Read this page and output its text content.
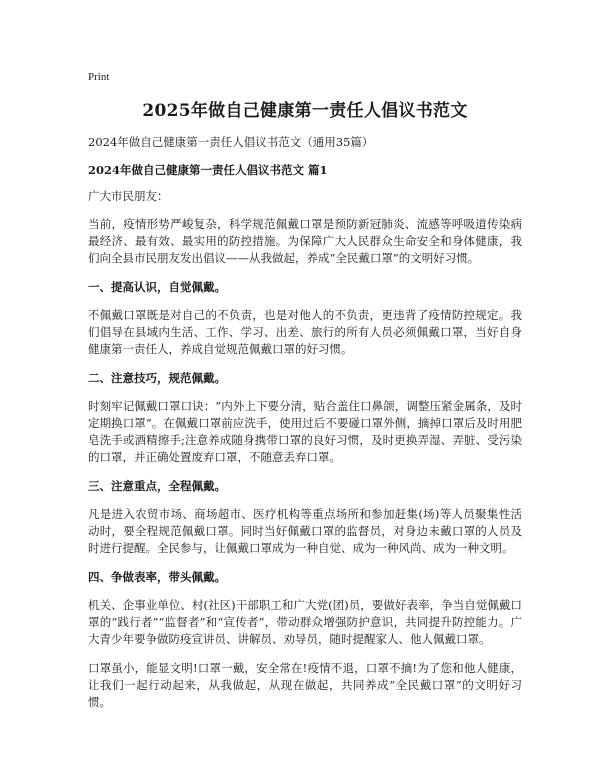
Print
2025年做自己健康第一责任人倡议书范文
2024年做自己健康第一责任人倡议书范文（通用35篇）
2024年做自己健康第一责任人倡议书范文 篇1
广大市民朋友：
当前，疫情形势严峻复杂，科学规范佩戴口罩是预防新冠肺炎、流感等呼吸道传染病最经济、最有效、最实用的防控措施。为保障广大人民群众生命安全和身体健康，我们向全县市民朋友发出倡议——从我做起，养成“全民戴口罩”的文明好习惯。
一、提高认识，自觉佩戴。
不佩戴口罩既是对自己的不负责，也是对他人的不负责，更违背了疫情防控规定。我们倡导在县域内生活、工作、学习、出差、旅行的所有人员必须佩戴口罩，当好自身健康第一责任人，养成自觉规范佩戴口罩的好习惯。
二、注意技巧，规范佩戴。
时刻牢记佩戴口罩口诀：“内外上下要分清，贴合盖住口鼻颌，调整压紧金属条，及时定期换口罩”。在佩戴口罩前应洗手，使用过后不要碰口罩外侧，摘掉口罩后及时用肥皂洗手或酒精擦手;注意养成随身携带口罩的良好习惯，及时更换弄湿、弄脏、受污染的口罩，并正确处置废弃口罩，不随意丢弃口罩。
三、注意重点，全程佩戴。
凡是进入农贸市场、商场超市、医疗机构等重点场所和参加赶集(场)等人员聚集性活动时，要全程规范佩戴口罩。同时当好佩戴口罩的监督员，对身边未戴口罩的人员及时进行提醒。全民参与，让佩戴口罩成为一种自觉、成为一种风尚、成为一种文明。
四、争做表率，带头佩戴。
机关、企事业单位、村(社区)干部职工和广大党(团)员，要做好表率，争当自觉佩戴口罩的“践行者”“监督者”和“宣传者”，带动群众增强防护意识，共同提升防控能力。广大青少年要争做防疫宣讲员、讲解员、劝导员，随时提醒家人、他人佩戴口罩。
口罩虽小，能显文明!口罩一戴，安全常在!疫情不退，口罩不摘!为了您和他人健康，让我们一起行动起来，从我做起，从现在做起，共同养成“全民戴口罩”的文明好习惯。
